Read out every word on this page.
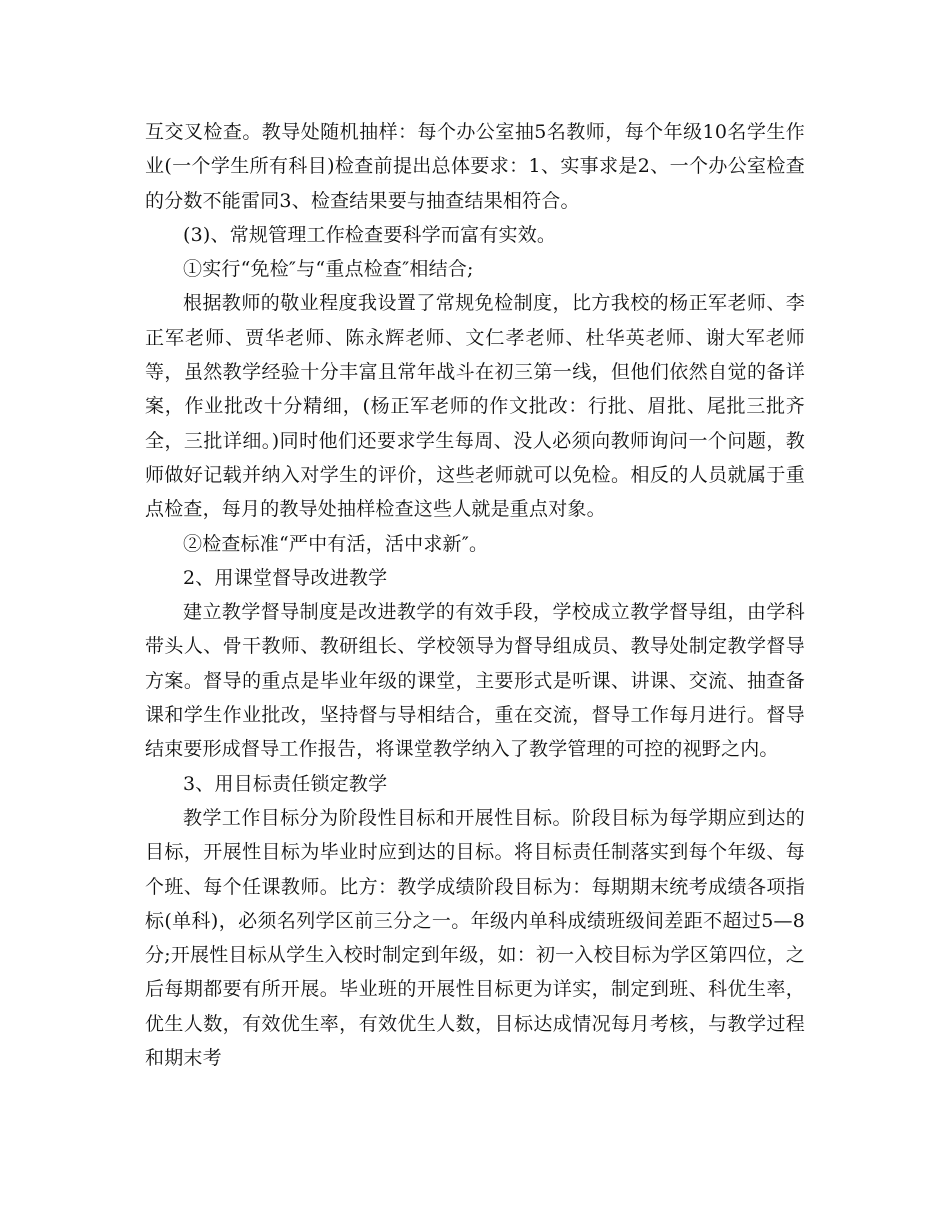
互交叉检查。教导处随机抽样：每个办公室抽5名教师，每个年级10名学生作业(一个学生所有科目)检查前提出总体要求：1、实事求是2、一个办公室检查的分数不能雷同3、检查结果要与抽查结果相符合。

(3)、常规管理工作检查要科学而富有实效。

①实行“免检″与“重点检查″相结合;

根据教师的敬业程度我设置了常规免检制度，比方我校的杨正军老师、李正军老师、贾华老师、陈永辉老师、文仁孝老师、杜华英老师、谢大军老师等，虽然教学经验十分丰富且常年战斗在初三第一线，但他们依然自觉的备详案，作业批改十分精细，(杨正军老师的作文批改：行批、眉批、尾批三批齐全，三批详细。)同时他们还要求学生每周、没人必须向教师询问一个问题，教师做好记载并纳入对学生的评价，这些老师就可以免检。相反的人员就属于重点检查，每月的教导处抽样检查这些人就是重点对象。

②检查标准“严中有活，活中求新″。

2、用课堂督导改进教学

建立教学督导制度是改进教学的有效手段，学校成立教学督导组，由学科带头人、骨干教师、教研组长、学校领导为督导组成员、教导处制定教学督导方案。督导的重点是毕业年级的课堂，主要形式是听课、讲课、交流、抽查备课和学生作业批改，坚持督与导相结合，重在交流，督导工作每月进行。督导结束要形成督导工作报告，将课堂教学纳入了教学管理的可控的视野之内。

3、用目标责任锁定教学

教学工作目标分为阶段性目标和开展性目标。阶段目标为每学期应到达的目标，开展性目标为毕业时应到达的目标。将目标责任制落实到每个年级、每个班、每个任课教师。比方：教学成绩阶段目标为：每期期末统考成绩各项指标(单科)，必须名列学区前三分之一。年级内单科成绩班级间差距不超过5—8分;开展性目标从学生入校时制定到年级，如：初一入校目标为学区第四位，之后每期都要有所开展。毕业班的开展性目标更为详实，制定到班、科优生率，优生人数，有效优生率，有效优生人数，目标达成情况每月考核，与教学过程和期末考
